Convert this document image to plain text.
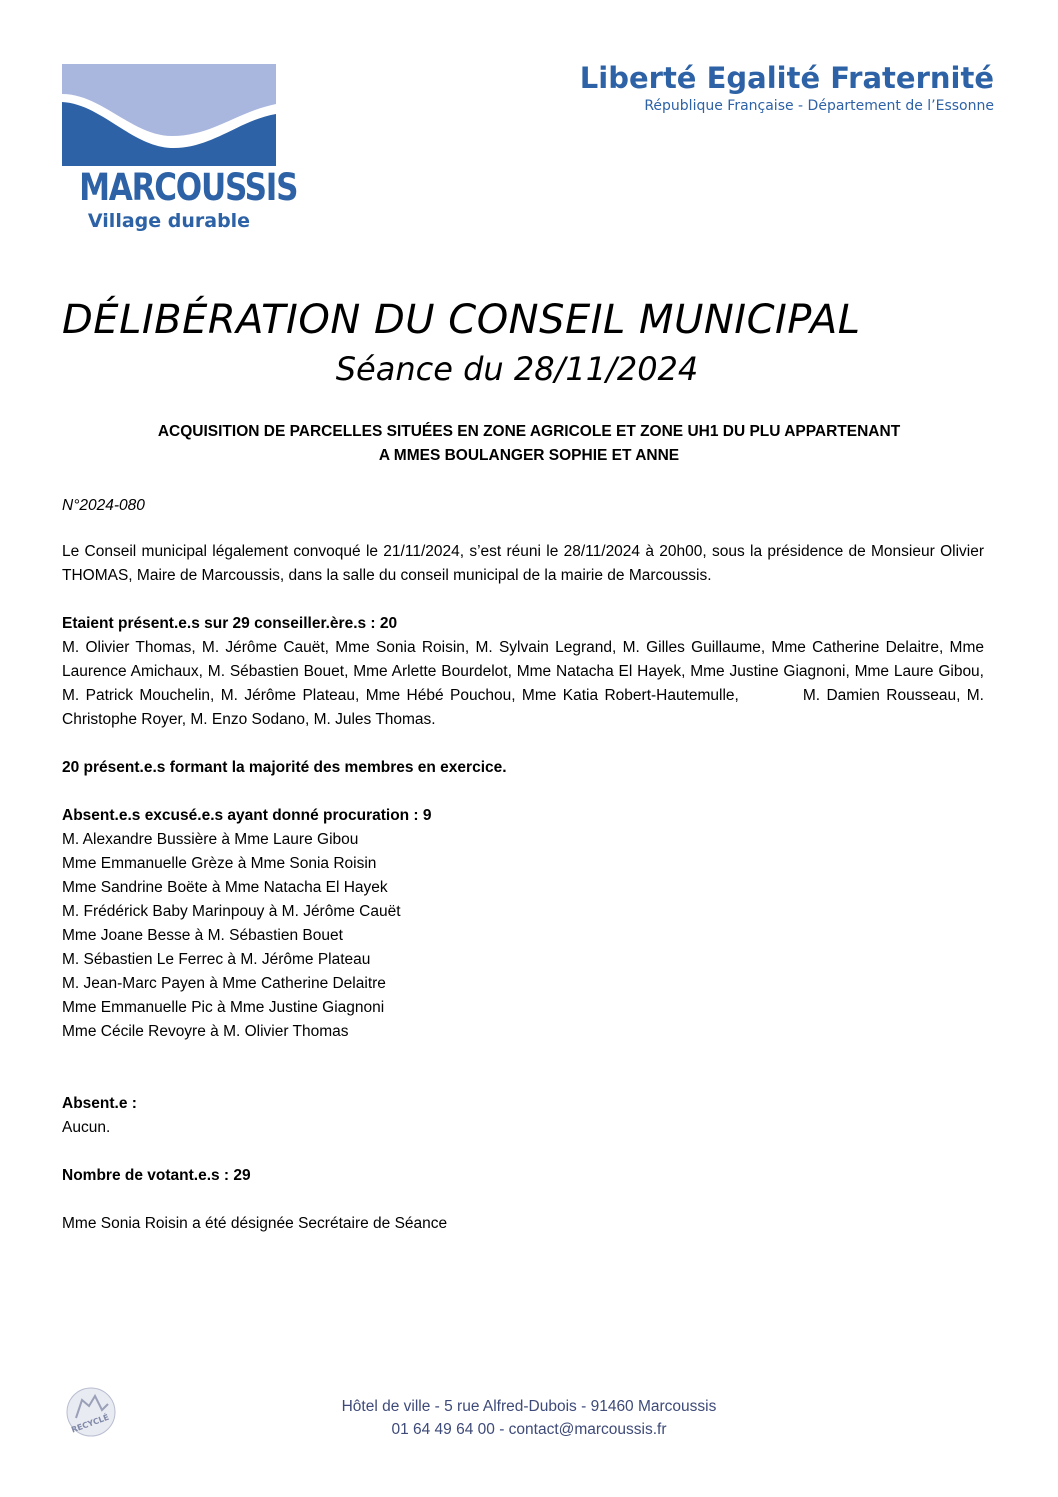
MARCOUSSIS
Village durable
Liberté Egalité Fraternité
République Française - Département de l’Essonne
DÉLIBÉRATION DU CONSEIL MUNICIPAL
Séance du 28/11/2024
ACQUISITION DE PARCELLES SITUÉES EN ZONE AGRICOLE ET ZONE UH1 DU PLU APPARTENANT
A MMES BOULANGER SOPHIE ET ANNE
N°2024-080

Le Conseil municipal légalement convoqué le 21/11/2024, s’est réuni le 28/11/2024 à 20h00, sous la présidence de Monsieur Olivier THOMAS, Maire de Marcoussis, dans la salle du conseil municipal de la mairie de Marcoussis.

Etaient présent.e.s sur 29 conseiller.ère.s : 20

M. Olivier Thomas, M. Jérôme Cauët, Mme Sonia Roisin, M. Sylvain Legrand, M. Gilles Guillaume, Mme Catherine Delaitre, Mme Laurence Amichaux, M. Sébastien Bouet, Mme Arlette Bourdelot, Mme Natacha El Hayek, Mme Justine Giagnoni, Mme Laure Gibou, M. Patrick Mouchelin, M. Jérôme Plateau, Mme Hébé Pouchou, Mme Katia Robert-Hautemulle,          M. Damien Rousseau, M. Christophe Royer, M. Enzo Sodano, M. Jules Thomas.

20 présent.e.s formant la majorité des membres en exercice.

Absent.e.s excusé.e.s ayant donné procuration : 9

M. Alexandre Bussière à Mme Laure Gibou
Mme Emmanuelle Grèze à Mme Sonia Roisin
Mme Sandrine Boëte à Mme Natacha El Hayek
M. Frédérick Baby Marinpouy à M. Jérôme Cauët
Mme Joane Besse à M. Sébastien Bouet
M. Sébastien Le Ferrec à M. Jérôme Plateau
M. Jean-Marc Payen à Mme Catherine Delaitre
Mme Emmanuelle Pic à Mme Justine Giagnoni
Mme Cécile Revoyre à M. Olivier Thomas

Absent.e :

Aucun.

Nombre de votant.e.s : 29

Mme Sonia Roisin a été désignée Secrétaire de Séance

RECYCLÉ
Hôtel de ville - 5 rue Alfred-Dubois - 91460 Marcoussis
01 64 49 64 00 - contact@marcoussis.fr
